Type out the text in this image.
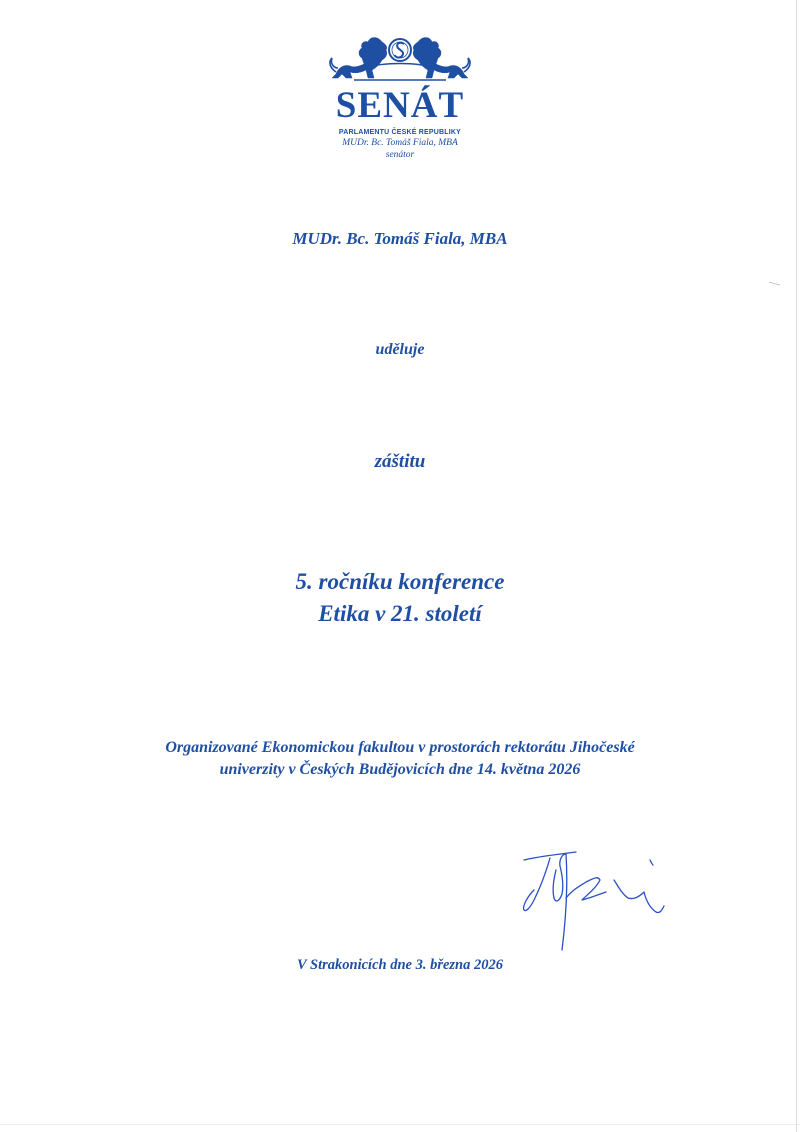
SENÁT
PARLAMENTU ČESKÉ REPUBLIKY
MUDr. Bc. Tomáš Fiala, MBA
senátor
MUDr. Bc. Tomáš Fiala, MBA
uděluje
záštitu
5. ročníku konference
Etika v 21. století
Organizované Ekonomickou fakultou v prostorách rektorátu Jihočeské
univerzity v Českých Budějovicích dne 14. května 2026
V Strakonicích dne 3. března 2026
